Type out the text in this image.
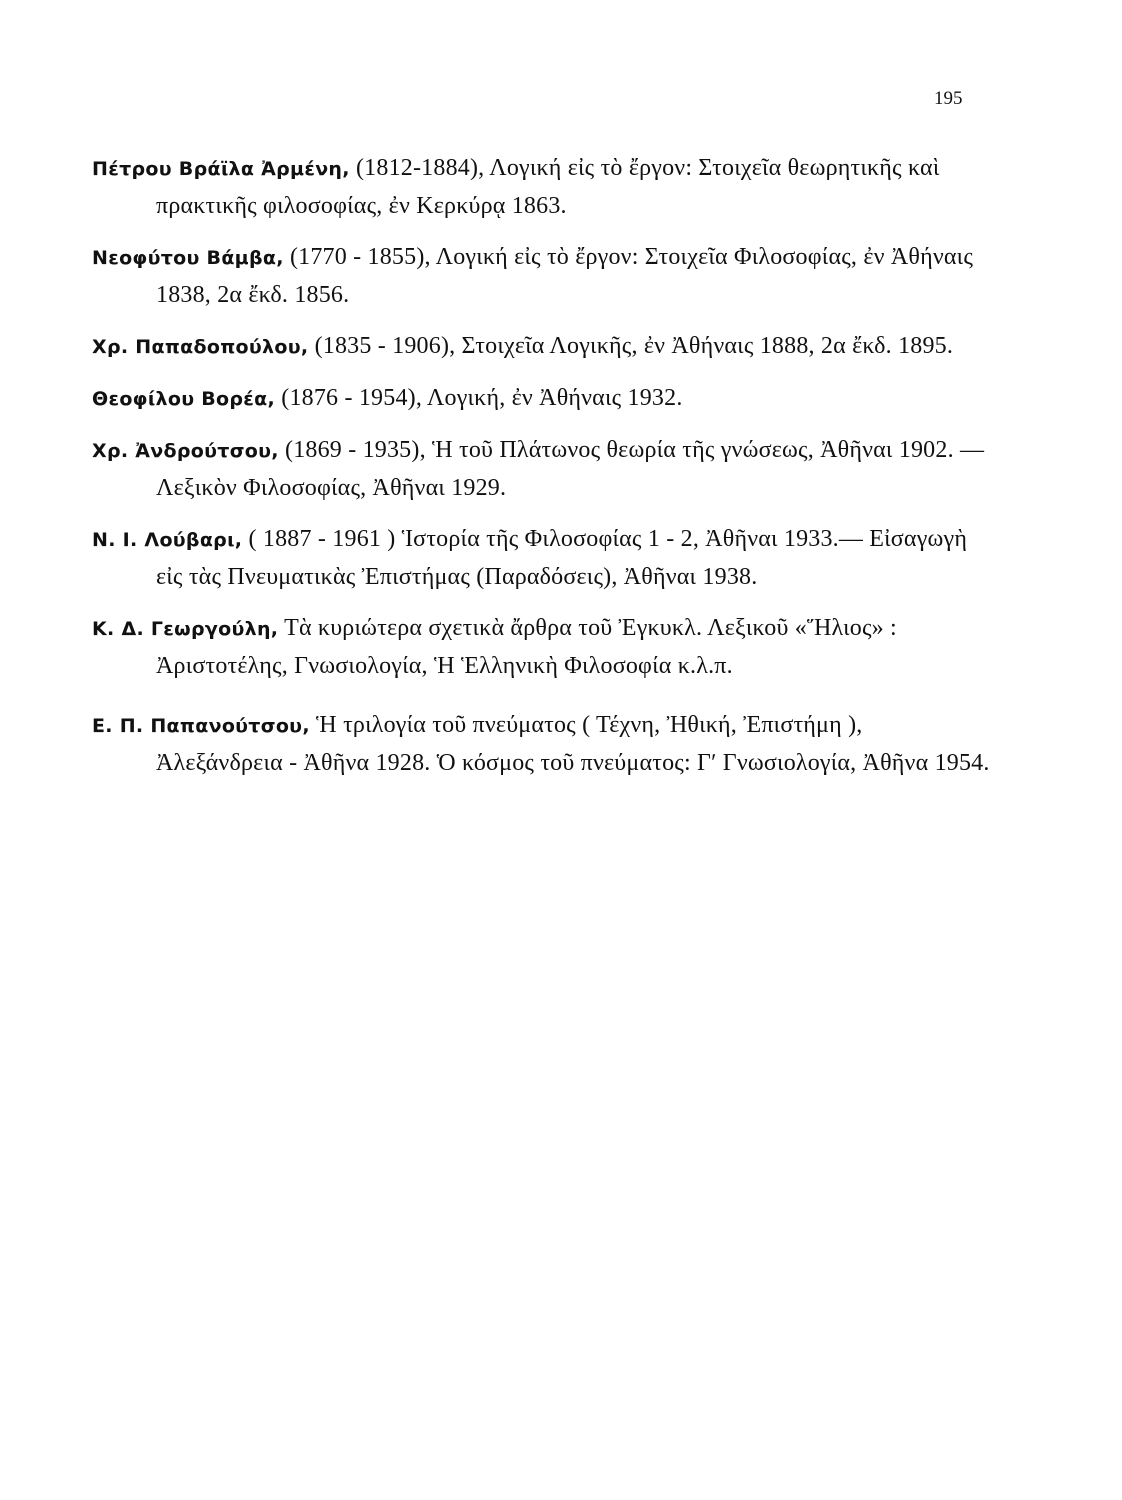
195

Πέτρου Βράϊλα Ἀρμένη, (1812-1884), Λογική εἰς τὸ ἔργον: Στοιχεῖα θεωρητικῆς καὶ πρακτικῆς φιλοσοφίας, ἐν Κερκύρᾳ 1863.

Νεοφύτου Βάμβα, (1770 - 1855), Λογική εἰς τὸ ἔργον: Στοιχεῖα Φιλοσοφίας, ἐν Ἀθήναις 1838, 2α ἔκδ. 1856.

Χρ. Παπαδοπούλου, (1835 - 1906), Στοιχεῖα Λογικῆς, ἐν Ἀθήναις 1888, 2α ἔκδ. 1895.

Θεοφίλου Βορέα, (1876 - 1954), Λογική, ἐν Ἀθήναις 1932.

Χρ. Ἀνδρούτσου, (1869 - 1935), Ἡ τοῦ Πλάτωνος θεωρία τῆς γνώσεως, Ἀθῆναι 1902. — Λεξικὸν Φιλοσοφίας, Ἀθῆναι 1929.

Ν. Ι. Λούβαρι, ( 1887 - 1961 ) Ἱστορία τῆς Φιλοσοφίας 1 - 2, Ἀθῆναι 1933.— Εἰσαγωγὴ εἰς τὰς Πνευματικὰς Ἐπιστήμας (Παραδόσεις), Ἀθῆναι 1938.

Κ. Δ. Γεωργούλη, Τὰ κυριώτερα σχετικὰ ἄρθρα τοῦ Ἐγκυκλ. Λεξικοῦ «Ἥλιος» : Ἀριστοτέλης, Γνωσιολογία, Ἡ Ἑλληνικὴ Φιλοσοφία κ.λ.π.

Ε. Π. Παπανούτσου, Ἡ τριλογία τοῦ πνεύματος ( Τέχνη, Ἠθική, Ἐπιστήμη ), Ἀλεξάνδρεια - Ἀθῆνα 1928. Ὁ κόσμος τοῦ πνεύματος: Γʹ Γνωσιολογία, Ἀθῆνα 1954.
